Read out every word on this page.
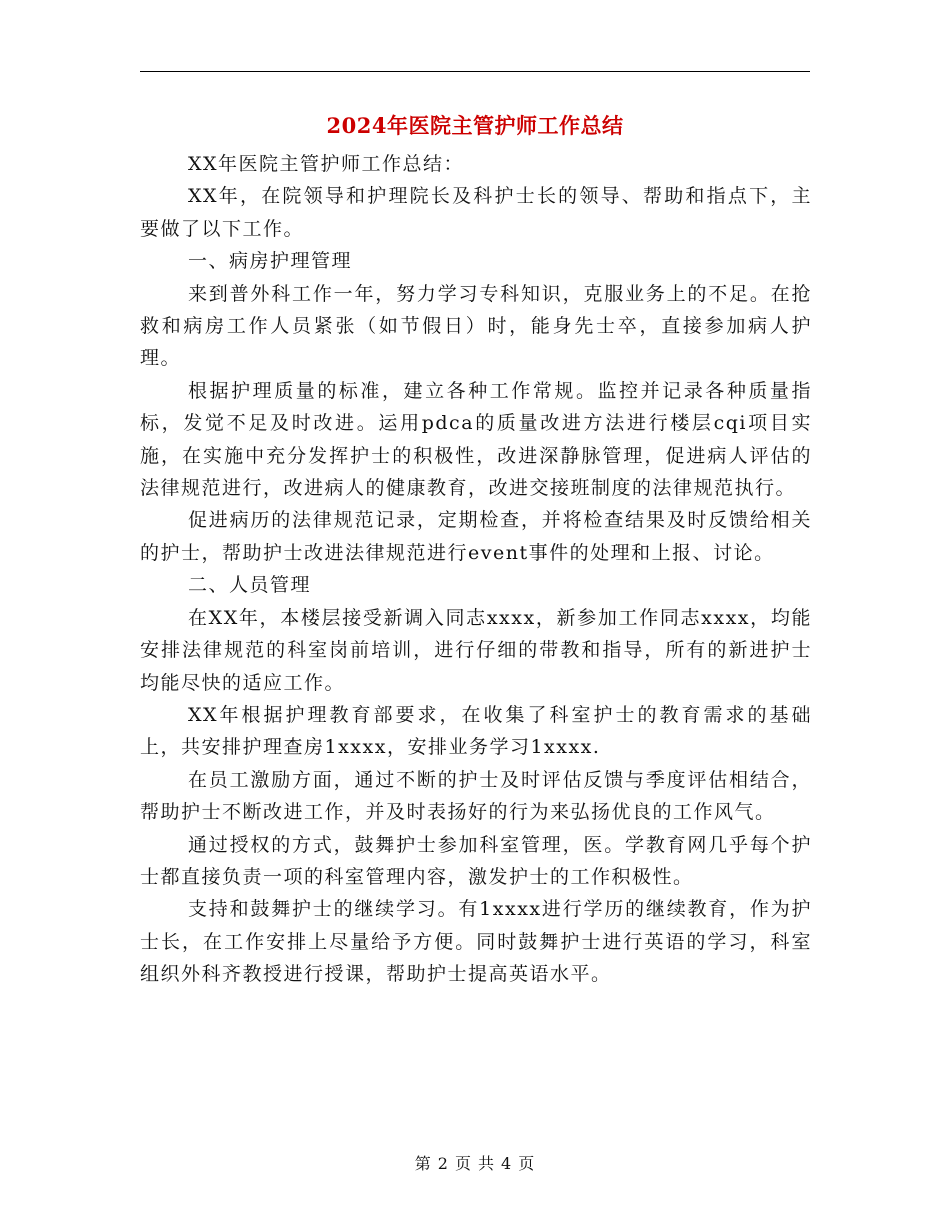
2024年医院主管护师工作总结

XX年医院主管护师工作总结：

XX年，在院领导和护理院长及科护士长的领导、帮助和指点下，主要做了以下工作。

一、病房护理管理

来到普外科工作一年，努力学习专科知识，克服业务上的不足。在抢救和病房工作人员紧张（如节假日）时，能身先士卒，直接参加病人护理。

根据护理质量的标准，建立各种工作常规。监控并记录各种质量指标，发觉不足及时改进。运用pdca的质量改进方法进行楼层cqi项目实施，在实施中充分发挥护士的积极性，改进深静脉管理，促进病人评估的法律规范进行，改进病人的健康教育，改进交接班制度的法律规范执行。

促进病历的法律规范记录，定期检查，并将检查结果及时反馈给相关的护士，帮助护士改进法律规范进行event事件的处理和上报、讨论。

二、人员管理

在XX年，本楼层接受新调入同志xxxx，新参加工作同志xxxx，均能安排法律规范的科室岗前培训，进行仔细的带教和指导，所有的新进护士均能尽快的适应工作。

XX年根据护理教育部要求，在收集了科室护士的教育需求的基础上，共安排护理查房1xxxx，安排业务学习1xxxx.

在员工激励方面，通过不断的护士及时评估反馈与季度评估相结合，帮助护士不断改进工作，并及时表扬好的行为来弘扬优良的工作风气。

通过授权的方式，鼓舞护士参加科室管理，医。学教育网几乎每个护士都直接负责一项的科室管理内容，激发护士的工作积极性。

支持和鼓舞护士的继续学习。有1xxxx进行学历的继续教育，作为护士长，在工作安排上尽量给予方便。同时鼓舞护士进行英语的学习，科室组织外科齐教授进行授课，帮助护士提高英语水平。

第 2 页 共 4 页
